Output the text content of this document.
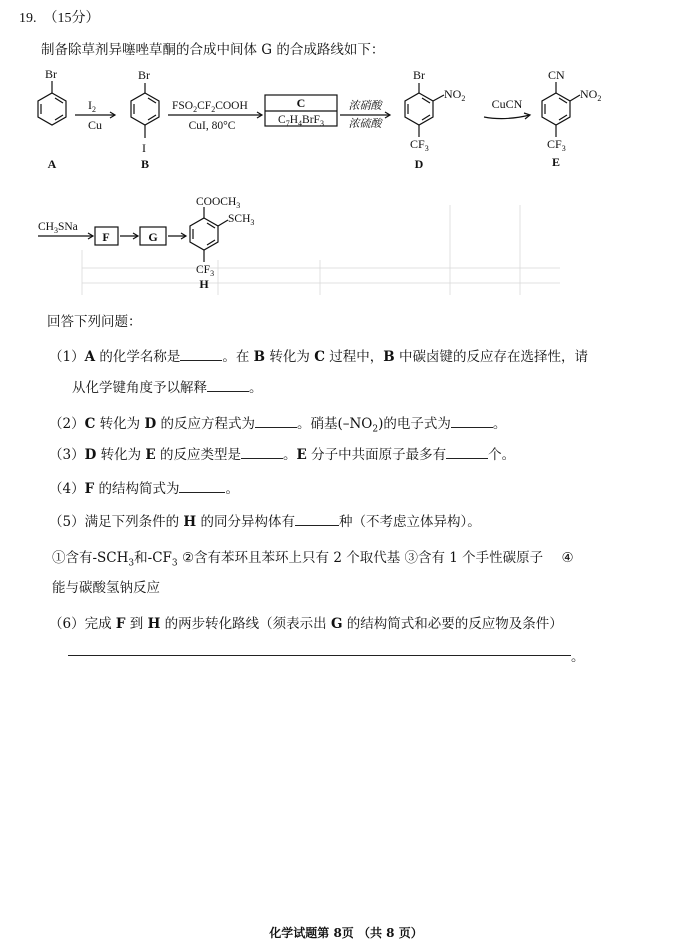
19. （15分）
制备除草剂异噻唑草酮的合成中间体 G 的合成路线如下：
Br
A
$I_2$
Cu
Br
I
B
$FSO_2CF_2COOH$
CuI, 80°C
C
$C_7H_4BrF_3$
浓硝酸
浓硫酸
Br
$NO_2$
$CF_3$
D
CuCN
CN
$NO_2$
$CF_3$
E
$CH_3SNa$
F	G
$COOCH_3$
$SCH_3$
$CF_3$
H
回答下列问题：
（1）A 的化学名称是	。在 B 转化为 C 过程中，B 中碳卤键的反应存在选择性，请
从化学键角度予以解释	。
（2）C 转化为 D 的反应方程式为	。硝基$(-NO_2)$的电子式为	。
（3）D 转化为 E 的反应类型是	。E 分子中共面原子最多有	个。
（4）F 的结构简式为	。
（5）满足下列条件的 H 的同分异构体有	种（不考虑立体异构）。
①含有$-SCH_3$和$-CF_3$ ②含有苯环且苯环上只有 2 个取代基 ③含有 1 个手性碳原子 ④
能与碳酸氢钠反应
（6）完成 F 到 H 的两步转化路线（须表示出 G 的结构简式和必要的反应物及条件）
。
化学试题第 8页 （共 8 页）
